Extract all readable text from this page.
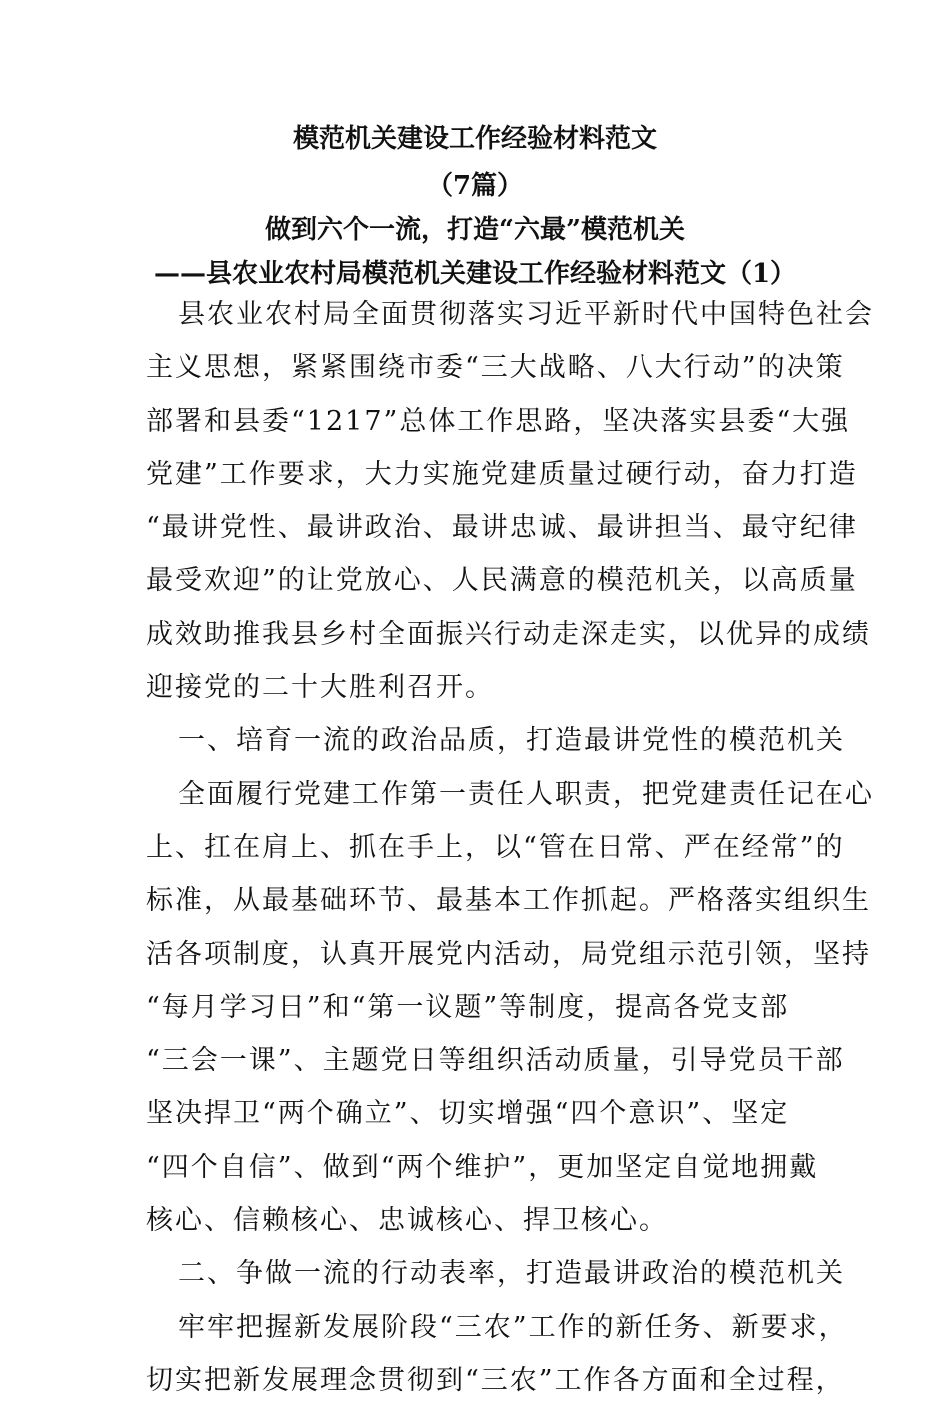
模范机关建设工作经验材料范文
（7篇）
做到六个一流，打造“六最”模范机关
——县农业农村局模范机关建设工作经验材料范文（1）
县农业农村局全面贯彻落实习近平新时代中国特色社会
主义思想，紧紧围绕市委“三大战略、八大行动”的决策
部署和县委“1217”总体工作思路，坚决落实县委“大强
党建”工作要求，大力实施党建质量过硬行动，奋力打造
“最讲党性、最讲政治、最讲忠诚、最讲担当、最守纪律
最受欢迎”的让党放心、人民满意的模范机关，以高质量
成效助推我县乡村全面振兴行动走深走实，以优异的成绩
迎接党的二十大胜利召开。
一、培育一流的政治品质，打造最讲党性的模范机关
全面履行党建工作第一责任人职责，把党建责任记在心
上、扛在肩上、抓在手上，以“管在日常、严在经常”的
标准，从最基础环节、最基本工作抓起。严格落实组织生
活各项制度，认真开展党内活动，局党组示范引领，坚持
“每月学习日”和“第一议题”等制度，提高各党支部
“三会一课”、主题党日等组织活动质量，引导党员干部
坚决捍卫“两个确立”、切实增强“四个意识”、坚定
“四个自信”、做到“两个维护”，更加坚定自觉地拥戴
核心、信赖核心、忠诚核心、捍卫核心。
二、争做一流的行动表率，打造最讲政治的模范机关
牢牢把握新发展阶段“三农”工作的新任务、新要求，
切实把新发展理念贯彻到“三农”工作各方面和全过程，
